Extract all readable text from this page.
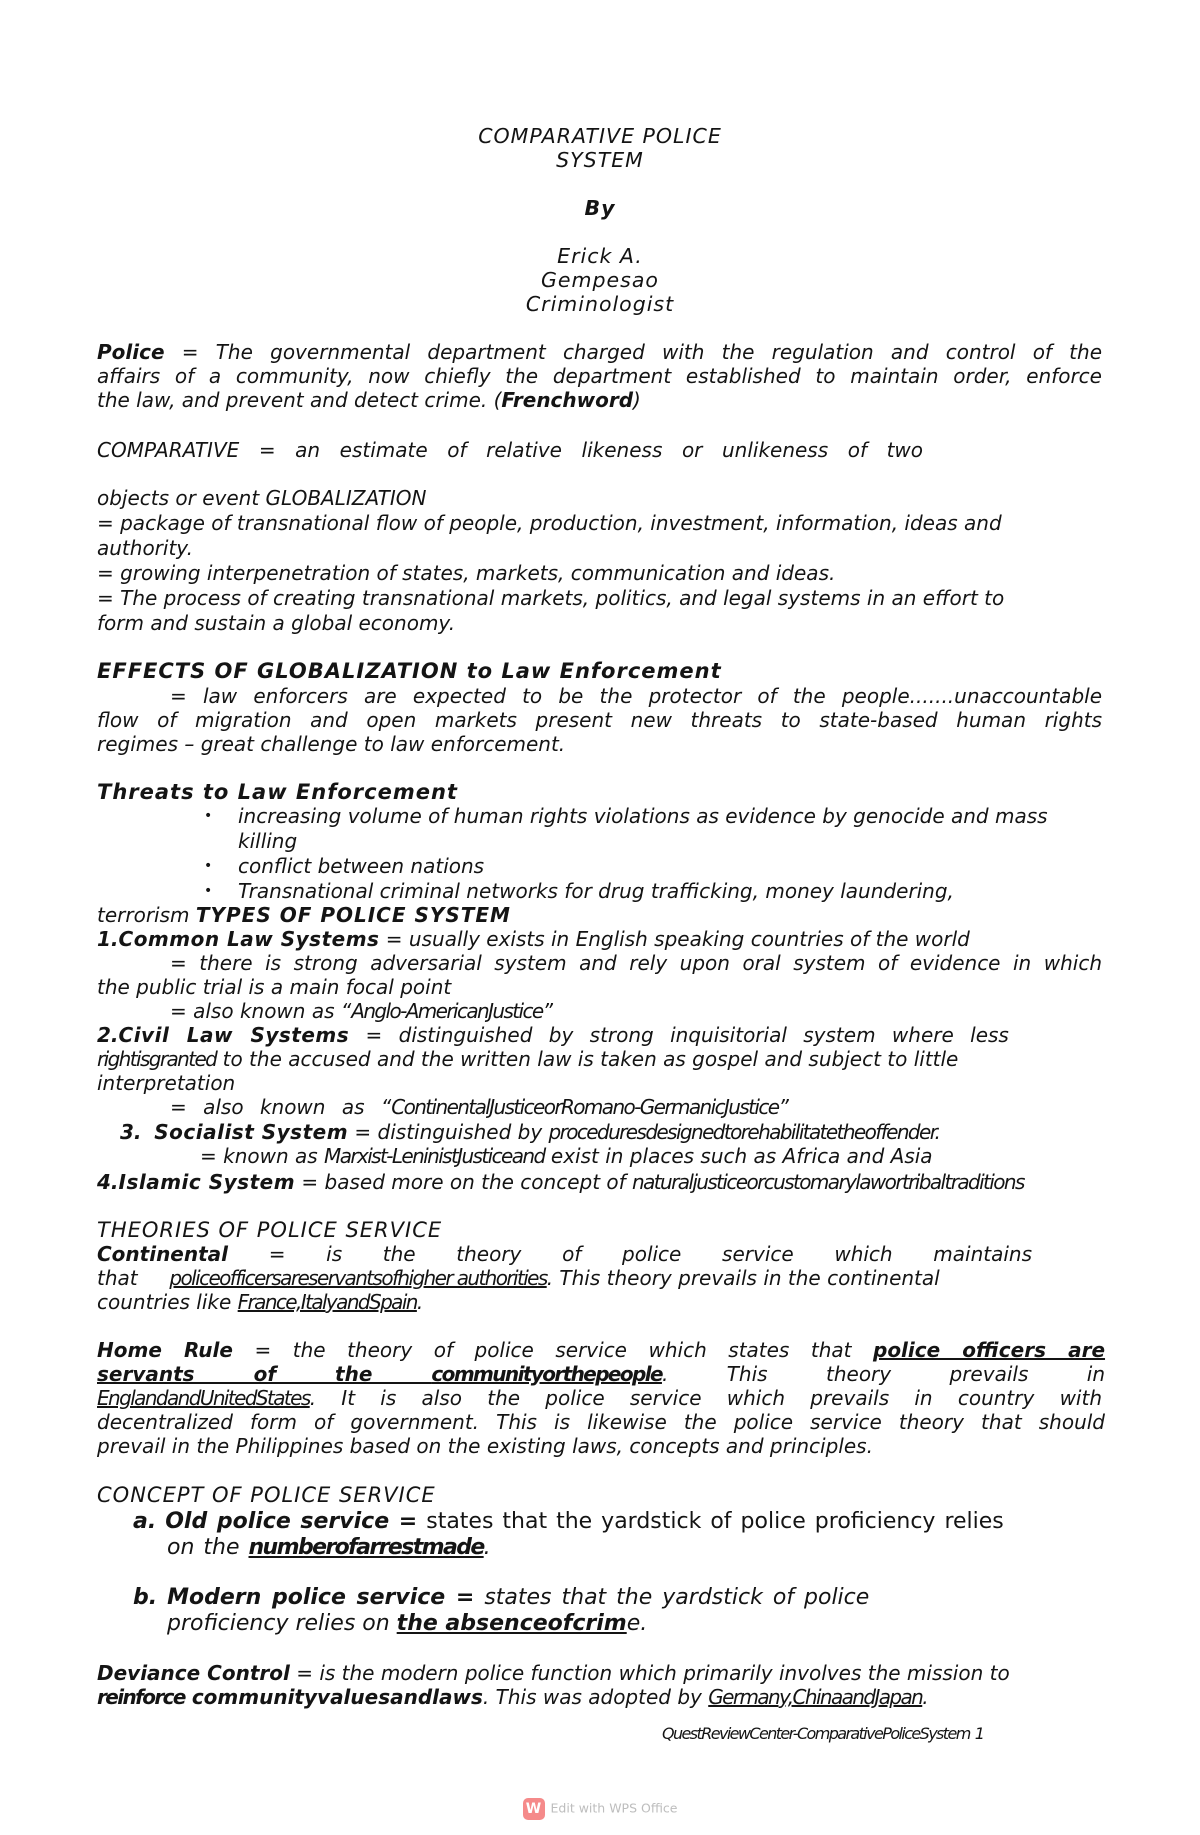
COMPARATIVE POLICE
SYSTEM
By
Erick A.
Gempesao
Criminologist
Police = The governmental department charged with the regulation and control of the
affairs of a community, now chiefly the department established to maintain order, enforce
the law, and prevent and detect crime. (Frenchword)
COMPARATIVE = an estimate of relative likeness or unlikeness of two
objects or event GLOBALIZATION
= package of transnational flow of people, production, investment, information, ideas and
authority.
= growing interpenetration of states, markets, communication and ideas.
= The process of creating transnational markets, politics, and legal systems in an effort to
form and sustain a global economy.
EFFECTS OF GLOBALIZATION to Law Enforcement
= law enforcers are expected to be the protector of the people.......unaccountable
flow of migration and open markets present new threats to state-based human rights
regimes – great challenge to law enforcement.
Threats to Law Enforcement
• increasing volume of human rights violations as evidence by genocide and mass
killing
• conflict between nations
• Transnational criminal networks for drug trafficking, money laundering,
terrorism TYPES OF POLICE SYSTEM
1.Common Law Systems = usually exists in English speaking countries of the world
= there is strong adversarial system and rely upon oral system of evidence in which
the public trial is a main focal point
= also known as “Anglo-AmericanJustice”
2.Civil Law Systems = distinguished by strong inquisitorial system where less
rightisgranted to the accused and the written law is taken as gospel and subject to little
interpretation
= also known as “ContinentalJusticeorRomano-GermanicJustice”
3. Socialist System = distinguished by proceduresdesignedtorehabilitatetheoffender.
= known as Marxist-LeninistJusticeand exist in places such as Africa and Asia
4.Islamic System = based more on the concept of naturaljusticeorcustomarylawortribaltraditions
THEORIES OF POLICE SERVICE
Continental = is the theory of police service which maintains
that     policeofficersareservantsofhigher authorities. This theory prevails in the continental
countries like France,ItalyandSpain.
Home Rule = the theory of police service which states that police officers are
servants of the communityorthepeople. This theory prevails in
EnglandandUnitedStates. It is also the police service which prevails in country with
decentralized form of government. This is likewise the police service theory that should
prevail in the Philippines based on the existing laws, concepts and principles.
CONCEPT OF POLICE SERVICE
a. Old police service = states that the yardstick of police proficiency relies
on the numberofarrestmade.
b. Modern police service = states that the yardstick of police
proficiency relies on the absenceofcrime.
Deviance Control = is the modern police function which primarily involves the mission to
reinforce communityvaluesandlaws. This was adopted by Germany,ChinaandJapan.
QuestReviewCenter-ComparativePoliceSystem 1
W Edit with WPS Office
